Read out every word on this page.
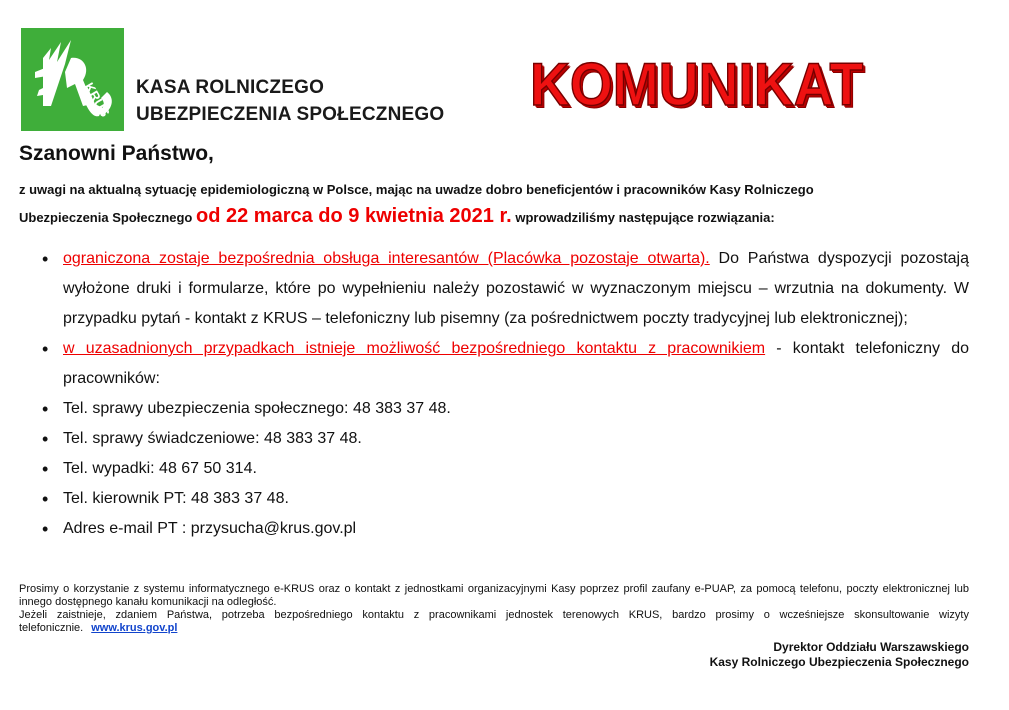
KRUS KASA ROLNICZEGO
UBEZPIECZENIA SPOŁECZNEGO KOMUNIKAT
Szanowni Państwo,
z uwagi na aktualną sytuację epidemiologiczną w Polsce, mając na uwadze dobro beneficjentów i pracowników Kasy Rolniczego
Ubezpieczenia Społecznego od 22 marca do 9 kwietnia 2021 r. wprowadziliśmy następujące rozwiązania:
• ograniczona zostaje bezpośrednia obsługa interesantów (Placówka pozostaje otwarta). Do Państwa dyspozycji pozostają wyłożone druki i formularze, które po wypełnieniu należy pozostawić w wyznaczonym miejscu – wrzutnia na dokumenty. W przypadku pytań - kontakt z KRUS – telefoniczny lub pisemny (za pośrednictwem poczty tradycyjnej lub elektronicznej);
• w uzasadnionych przypadkach istnieje możliwość bezpośredniego kontaktu z pracownikiem - kontakt telefoniczny do pracowników:
• Tel. sprawy ubezpieczenia społecznego: 48 383 37 48.
• Tel. sprawy świadczeniowe: 48 383 37 48.
• Tel. wypadki: 48 67 50 314.
• Tel. kierownik PT: 48 383 37 48.
• Adres e-mail PT : przysucha@krus.gov.pl
Prosimy o korzystanie z systemu informatycznego e-KRUS oraz o kontakt z jednostkami organizacyjnymi Kasy poprzez profil zaufany e-PUAP, za pomocą telefonu, poczty elektronicznej lub innego dostępnego kanału komunikacji na odległość.
Jeżeli zaistnieje, zdaniem Państwa, potrzeba bezpośredniego kontaktu z pracownikami jednostek terenowych KRUS, bardzo prosimy o wcześniejsze skonsultowanie wizyty telefonicznie. www.krus.gov.pl
Dyrektor Oddziału Warszawskiego
Kasy Rolniczego Ubezpieczenia Społecznego
